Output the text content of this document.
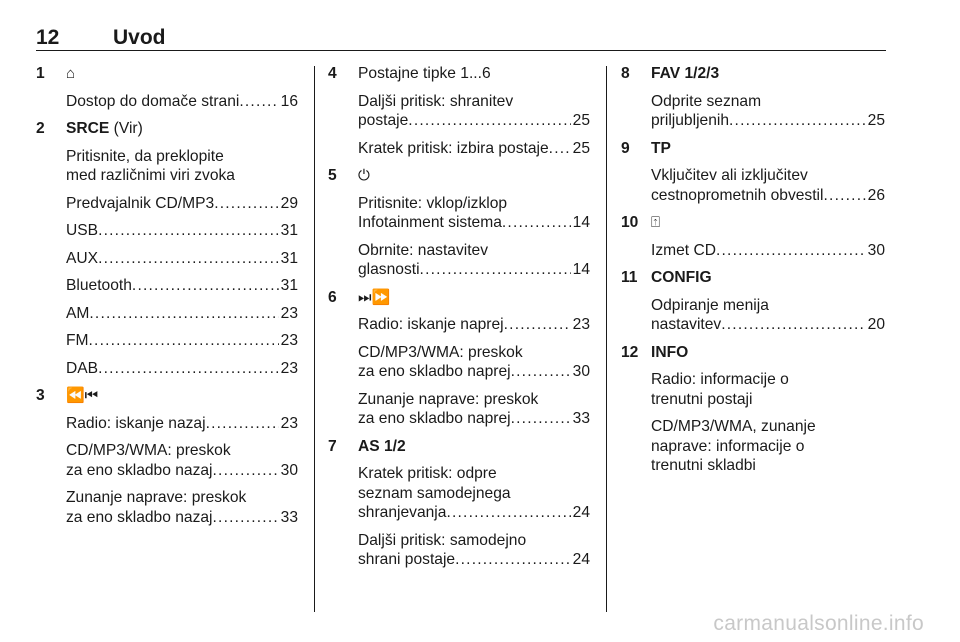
12	Uvod
1	⌂
Dostop do domače strani .....	16
2	SRCE (Vir)
Pritisnite, da preklopite
med različnimi viri zvoka
Predvajalnik CD/MP3 .....	29
USB .....	31
AUX .....	31
Bluetooth .....	31
AM .....	23
FM .....	23
DAB .....	23
3	⏪⏮
Radio: iskanje nazaj .....	23
CD/MP3/WMA: preskok
za eno skladbo nazaj .....	30
Zunanje naprave: preskok
za eno skladbo nazaj .....	33
4	Postajne tipke 1...6
Daljši pritisk: shranitev
postaje .....	25
Kratek pritisk: izbira postaje ..... 25
5	⏻
Pritisnite: vklop/izklop
Infotainment sistema .....	14
Obrnite: nastavitev
glasnosti .....	14
6	⏭⏩
Radio: iskanje naprej .....	23
CD/MP3/WMA: preskok
za eno skladbo naprej .....	30
Zunanje naprave: preskok
za eno skladbo naprej .....	33
7	AS 1/2
Kratek pritisk: odpre
seznam samodejnega
shranjevanja .....	24
Daljši pritisk: samodejno
shrani postaje .....	24
8	FAV 1/2/3
Odprite seznam
priljubljenih .....	25
9	TP
Vključitev ali izključitev
cestnoprometnih obvestil .....	26
10 ⍐
Izmet CD .....	30
11 CONFIG
Odpiranje menija
nastavitev .....	20
12 INFO
Radio: informacije o
trenutni postaji
CD/MP3/WMA, zunanje
naprave: informacije o
trenutni skladbi
carmanualsonline.info
